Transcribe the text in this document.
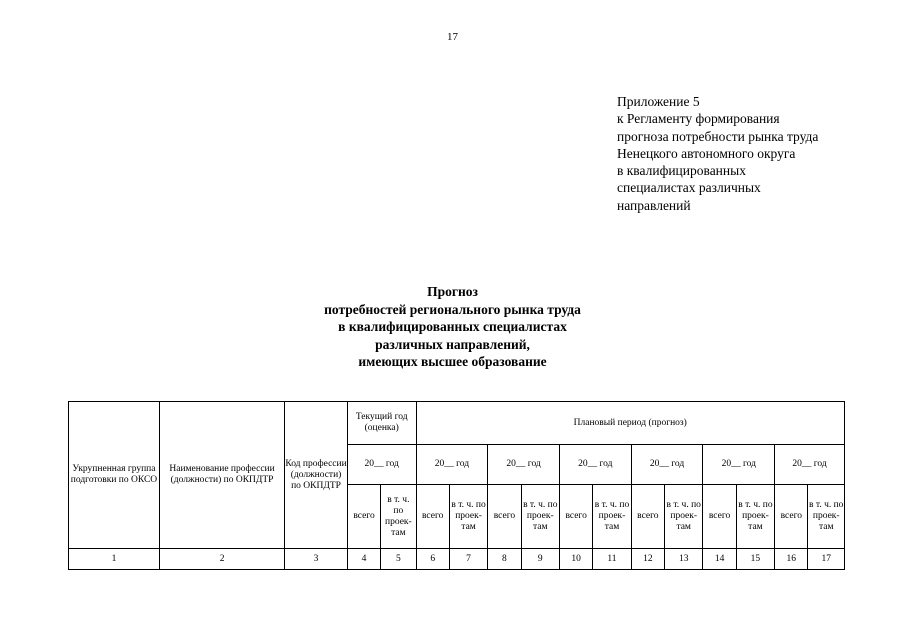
17
Приложение 5
к Регламенту формирования
прогноза потребности рынка труда
Ненецкого автономного округа
в квалифицированных
специалистах различных
направлений
Прогноз
потребностей регионального рынка труда
в квалифицированных специалистах
различных направлений,
имеющих высшее образование
Укрупненная группа подготовки по ОКСО	Наименование профессии (должности) по ОКПДТР	Код профессии (должности) по ОКПДТР	Текущий год (оценка)		Плановый период (прогноз)											
			20__ год		20__ год		20__ год		20__ год		20__ год		20__ год		20__ год	
			всего	в т. ч. по проек-там	всего	в т. ч. по проек-там	всего	в т. ч. по проек-там	всего	в т. ч. по проек-там	всего	в т. ч. по проек-там	всего	в т. ч. по проек-там	всего	в т. ч. по проек-там
1	2	3	4	5	6	7	8	9	10	11	12	13	14	15	16	17
